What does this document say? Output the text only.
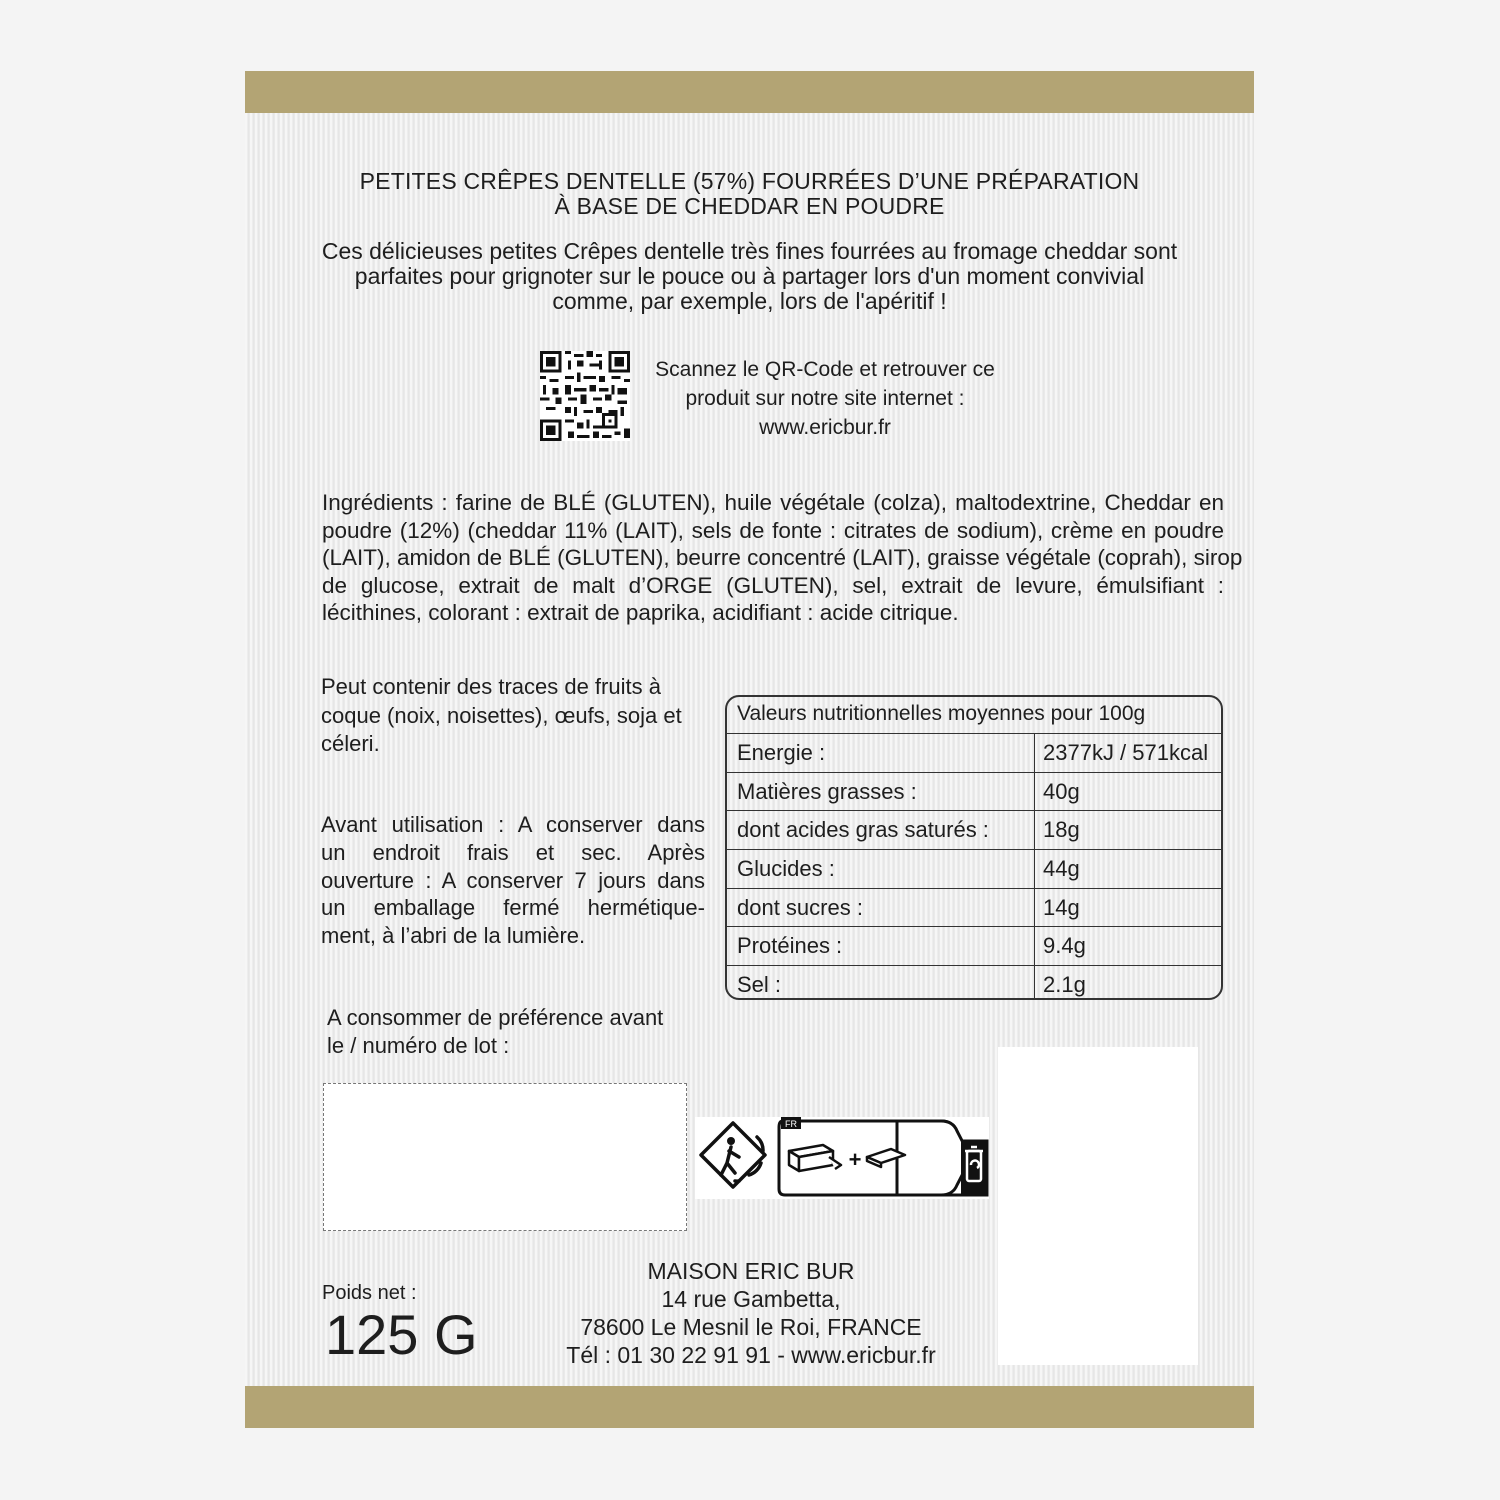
PETITES CRÊPES DENTELLE (57%) FOURRÉES D’UNE PRÉPARATION
À BASE DE CHEDDAR EN POUDRE
Ces délicieuses petites Crêpes dentelle très fines fourrées au fromage cheddar sont
parfaites pour grignoter sur le pouce ou à partager lors d'un moment convivial
comme, par exemple, lors de l'apéritif !
Scannez le QR-Code et retrouver ce
produit sur notre site internet :
www.ericbur.fr
Ingrédients : farine de BLÉ (GLUTEN), huile végétale (colza), maltodextrine, Cheddar en
poudre (12%) (cheddar 11% (LAIT), sels de fonte : citrates de sodium), crème en poudre
(LAIT), amidon de BLÉ (GLUTEN), beurre concentré (LAIT), graisse végétale (coprah), sirop
de glucose, extrait de malt d’ORGE (GLUTEN), sel, extrait de levure, émulsifiant :
lécithines, colorant : extrait de paprika, acidifiant : acide citrique.
Peut contenir des traces de fruits à
coque (noix, noisettes), œufs, soja et
céleri.
Avant utilisation : A conserver dans
un endroit frais et sec. Après
ouverture : A conserver 7 jours dans
un emballage fermé hermétique-
ment, à l’abri de la lumière.
A consommer de préférence avant
le / numéro de lot :
Valeurs nutritionnelles moyennes pour 100g
Energie :	2377kJ / 571kcal
Matières grasses :	40g
dont acides gras saturés :	18g
Glucides :	44g
dont sucres :	14g
Protéines :	9.4g
Sel :	2.1g
FR
+
Poids net :
125 G
MAISON ERIC BUR
14 rue Gambetta,
78600 Le Mesnil le Roi, FRANCE
Tél : 01 30 22 91 91 - www.ericbur.fr
